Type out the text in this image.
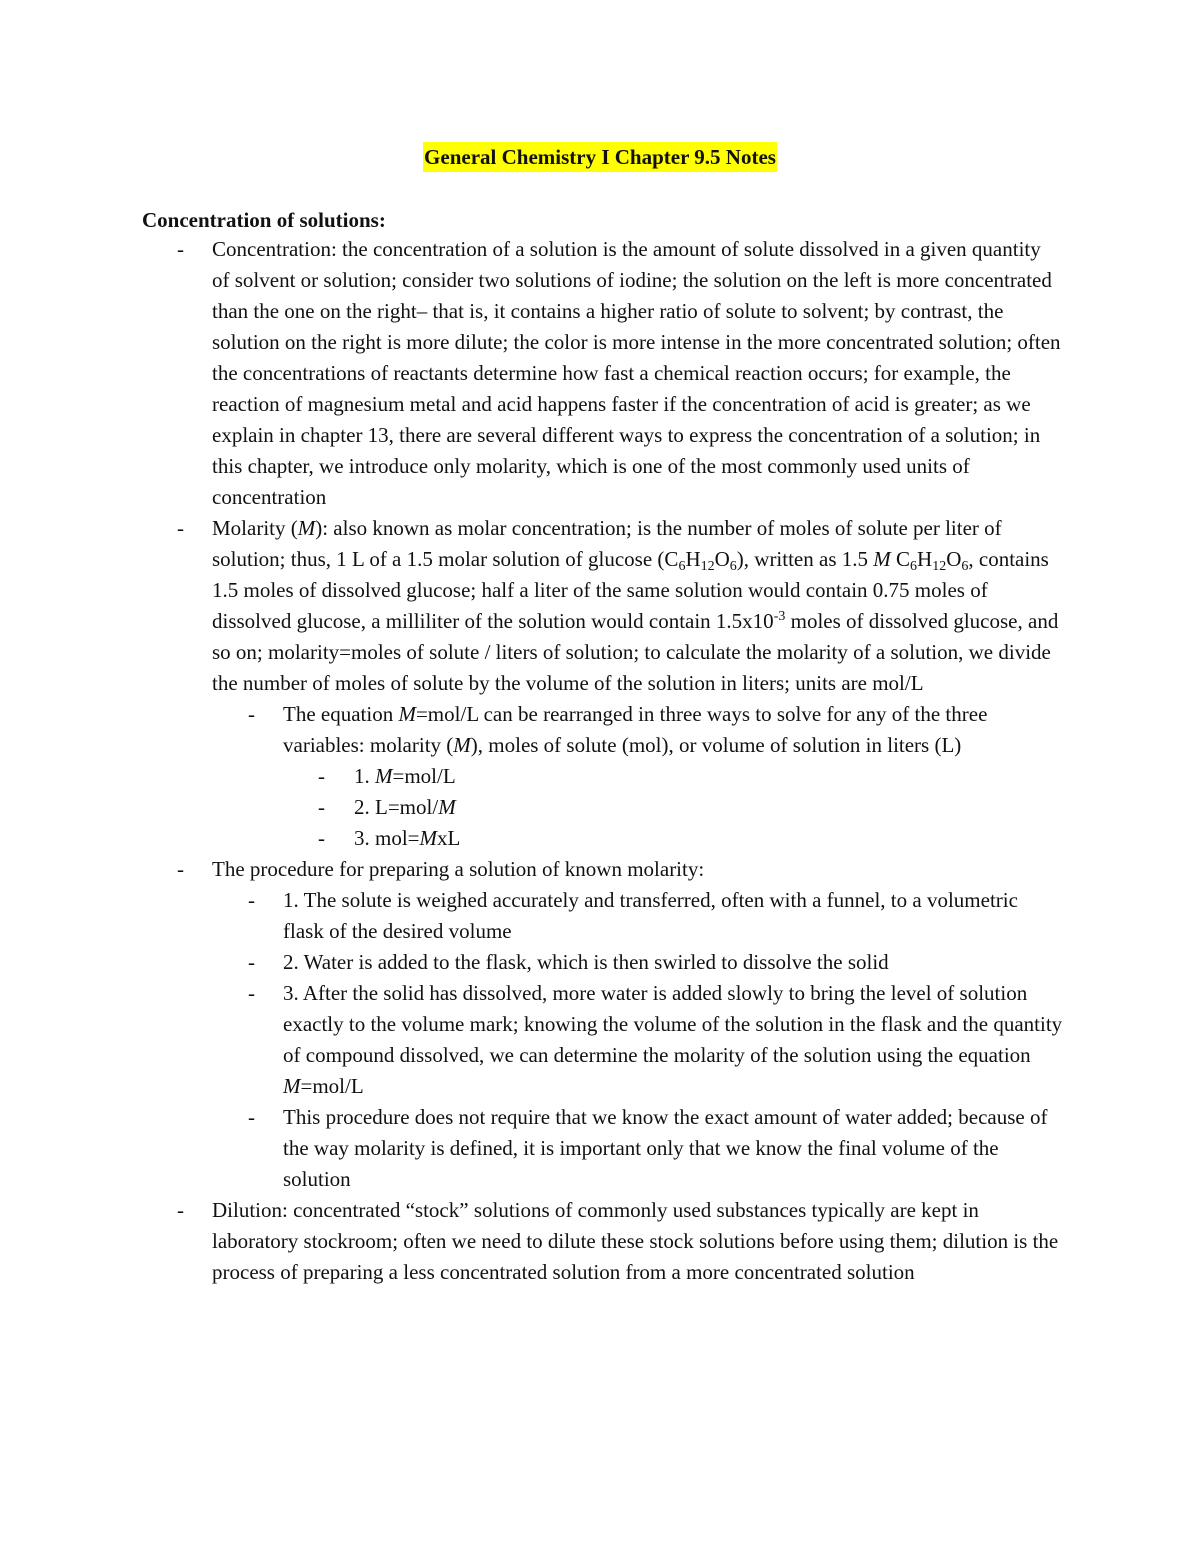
General Chemistry I Chapter 9.5 Notes

Concentration of solutions:

- Concentration: the concentration of a solution is the amount of solute dissolved in a given quantity of solvent or solution; consider two solutions of iodine; the solution on the left is more concentrated than the one on the right– that is, it contains a higher ratio of solute to solvent; by contrast, the solution on the right is more dilute; the color is more intense in the more concentrated solution; often the concentrations of reactants determine how fast a chemical reaction occurs; for example, the reaction of magnesium metal and acid happens faster if the concentration of acid is greater; as we explain in chapter 13, there are several different ways to express the concentration of a solution; in this chapter, we introduce only molarity, which is one of the most commonly used units of concentration

- Molarity (M): also known as molar concentration; is the number of moles of solute per liter of solution; thus, 1 L of a 1.5 molar solution of glucose $(C_6H_{12}O_6)$, written as 1.5 M $C_6H_{12}O_6$, contains 1.5 moles of dissolved glucose; half a liter of the same solution would contain 0.75 moles of dissolved glucose, a milliliter of the solution would contain $1.5x10^{-3}$ moles of dissolved glucose, and so on; molarity=moles of solute / liters of solution; to calculate the molarity of a solution, we divide the number of moles of solute by the volume of the solution in liters; units are mol/L

- The equation M=mol/L can be rearranged in three ways to solve for any of the three variables: molarity (M), moles of solute (mol), or volume of solution in liters (L)

- 1. M=mol/L

- 2. L=mol/M

- 3. mol=MxL

- The procedure for preparing a solution of known molarity:

- 1. The solute is weighed accurately and transferred, often with a funnel, to a volumetric flask of the desired volume

- 2. Water is added to the flask, which is then swirled to dissolve the solid

- 3. After the solid has dissolved, more water is added slowly to bring the level of solution exactly to the volume mark; knowing the volume of the solution in the flask and the quantity of compound dissolved, we can determine the molarity of the solution using the equation M=mol/L

- This procedure does not require that we know the exact amount of water added; because of the way molarity is defined, it is important only that we know the final volume of the solution

- Dilution: concentrated “stock” solutions of commonly used substances typically are kept in laboratory stockroom; often we need to dilute these stock solutions before using them; dilution is the process of preparing a less concentrated solution from a more concentrated solution
